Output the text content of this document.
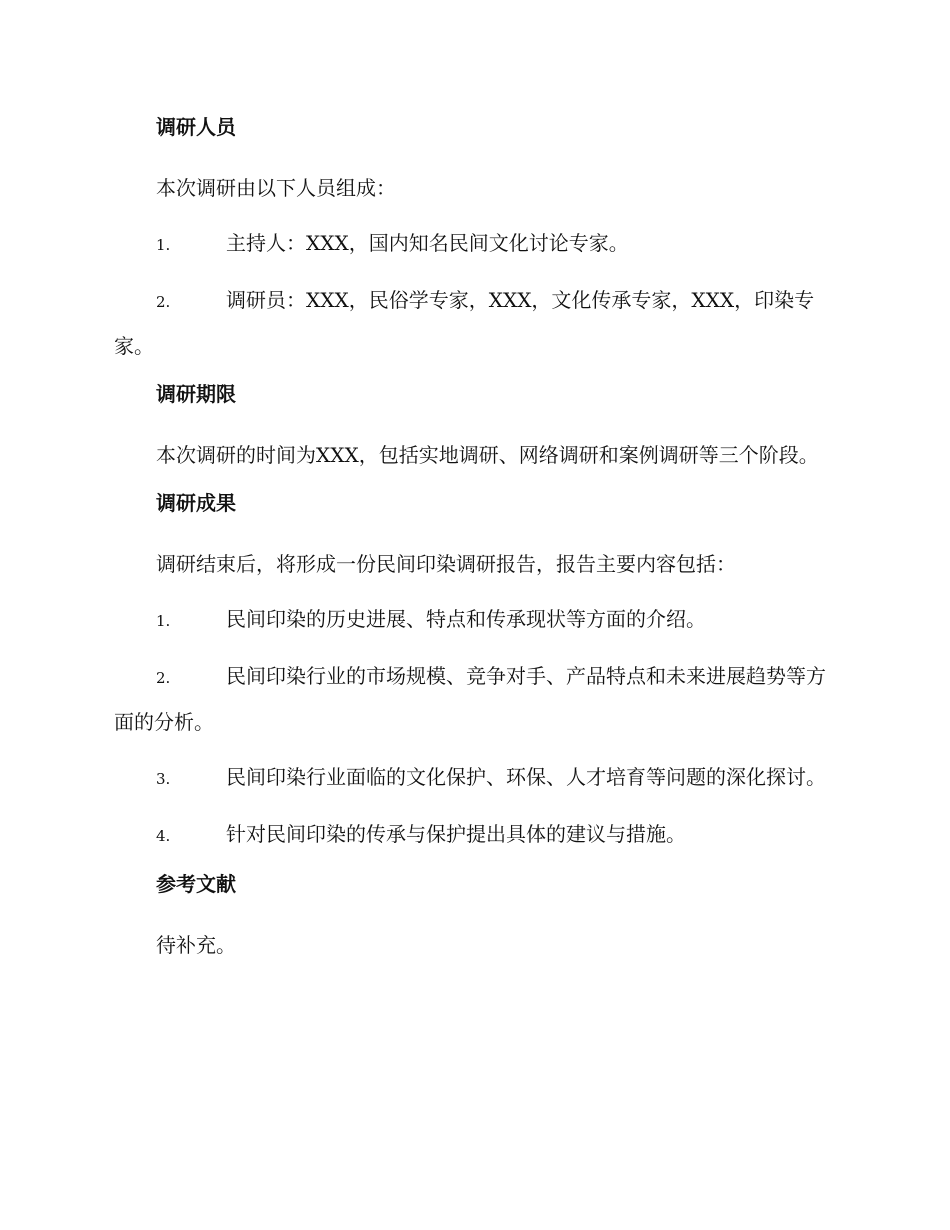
调研人员
本次调研由以下人员组成：
1.	主持人：XXX，国内知名民间文化讨论专家。
2.	调研员：XXX，民俗学专家，XXX，文化传承专家，XXX，印染专家。
调研期限
本次调研的时间为XXX，包括实地调研、网络调研和案例调研等三个阶段。
调研成果
调研结束后，将形成一份民间印染调研报告，报告主要内容包括：
1.	民间印染的历史进展、特点和传承现状等方面的介绍。
2.	民间印染行业的市场规模、竞争对手、产品特点和未来进展趋势等方面的分析。
3.	民间印染行业面临的文化保护、环保、人才培育等问题的深化探讨。
4.	针对民间印染的传承与保护提出具体的建议与措施。
参考文献
待补充。
